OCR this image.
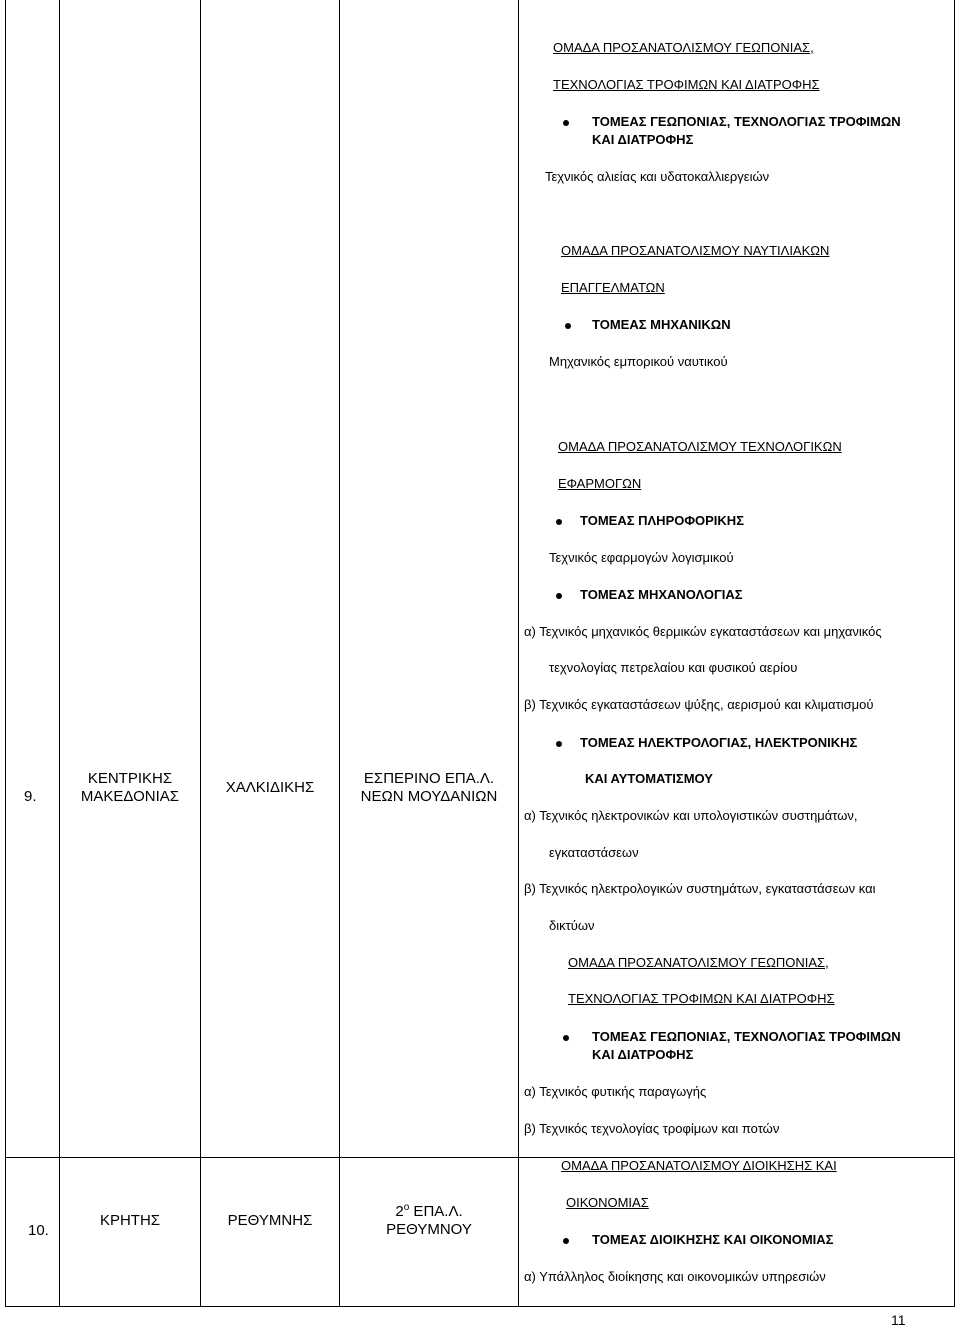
9.
ΚΕΝΤΡΙΚΗΣ
ΜΑΚΕΔΟΝΙΑΣ
ΧΑΛΚΙΔΙΚΗΣ
ΕΣΠΕΡΙΝΟ ΕΠΑ.Λ.
ΝΕΩΝ ΜΟΥΔΑΝΙΩΝ
ΟΜΑΔΑ ΠΡΟΣΑΝΑΤΟΛΙΣΜΟΥ ΓΕΩΠΟΝΙΑΣ,
ΤΕΧΝΟΛΟΓΙΑΣ ΤΡΟΦΙΜΩΝ ΚΑΙ ΔΙΑΤΡΟΦΗΣ
ΤΟΜΕΑΣ ΓΕΩΠΟΝΙΑΣ, ΤΕΧΝΟΛΟΓΙΑΣ ΤΡΟΦΙΜΩΝ
ΚΑΙ ΔΙΑΤΡΟΦΗΣ
Τεχνικός αλιείας και υδατοκαλλιεργειών
ΟΜΑΔΑ ΠΡΟΣΑΝΑΤΟΛΙΣΜΟΥ ΝΑΥΤΙΛΙΑΚΩΝ
ΕΠΑΓΓΕΛΜΑΤΩΝ
ΤΟΜΕΑΣ ΜΗΧΑΝΙΚΩΝ
Μηχανικός εμπορικού ναυτικού
ΟΜΑΔΑ ΠΡΟΣΑΝΑΤΟΛΙΣΜΟΥ ΤΕΧΝΟΛΟΓΙΚΩΝ
ΕΦΑΡΜΟΓΩΝ
ΤΟΜΕΑΣ ΠΛΗΡΟΦΟΡΙΚΗΣ
Τεχνικός εφαρμογών λογισμικού
ΤΟΜΕΑΣ ΜΗΧΑΝΟΛΟΓΙΑΣ
α) Τεχνικός μηχανικός θερμικών εγκαταστάσεων και μηχανικός
τεχνολογίας πετρελαίου και φυσικού αερίου
β) Τεχνικός εγκαταστάσεων ψύξης, αερισμού και κλιματισμού
ΤΟΜΕΑΣ ΗΛΕΚΤΡΟΛΟΓΙΑΣ, ΗΛΕΚΤΡΟΝΙΚΗΣ
ΚΑΙ ΑΥΤΟΜΑΤΙΣΜΟΥ
α) Τεχνικός ηλεκτρονικών και υπολογιστικών συστημάτων,
εγκαταστάσεων
β) Τεχνικός ηλεκτρολογικών συστημάτων, εγκαταστάσεων και
δικτύων
ΟΜΑΔΑ ΠΡΟΣΑΝΑΤΟΛΙΣΜΟΥ ΓΕΩΠΟΝΙΑΣ,
ΤΕΧΝΟΛΟΓΙΑΣ ΤΡΟΦΙΜΩΝ ΚΑΙ ΔΙΑΤΡΟΦΗΣ
ΤΟΜΕΑΣ ΓΕΩΠΟΝΙΑΣ, ΤΕΧΝΟΛΟΓΙΑΣ ΤΡΟΦΙΜΩΝ
ΚΑΙ ΔΙΑΤΡΟΦΗΣ
α) Τεχνικός φυτικής παραγωγής
β) Τεχνικός τεχνολογίας τροφίμων και ποτών
10.
ΚΡΗΤΗΣ	ΡΕΘΥΜΝΗΣ
$2^o$ ΕΠΑ.Λ.
ΡΕΘΥΜΝΟΥ
ΟΜΑΔΑ ΠΡΟΣΑΝΑΤΟΛΙΣΜΟΥ ΔΙΟΙΚΗΣΗΣ ΚΑΙ
ΟΙΚΟΝΟΜΙΑΣ
ΤΟΜΕΑΣ ΔΙΟΙΚΗΣΗΣ ΚΑΙ ΟΙΚΟΝΟΜΙΑΣ
α) Υπάλληλος διοίκησης και οικονομικών υπηρεσιών
11
